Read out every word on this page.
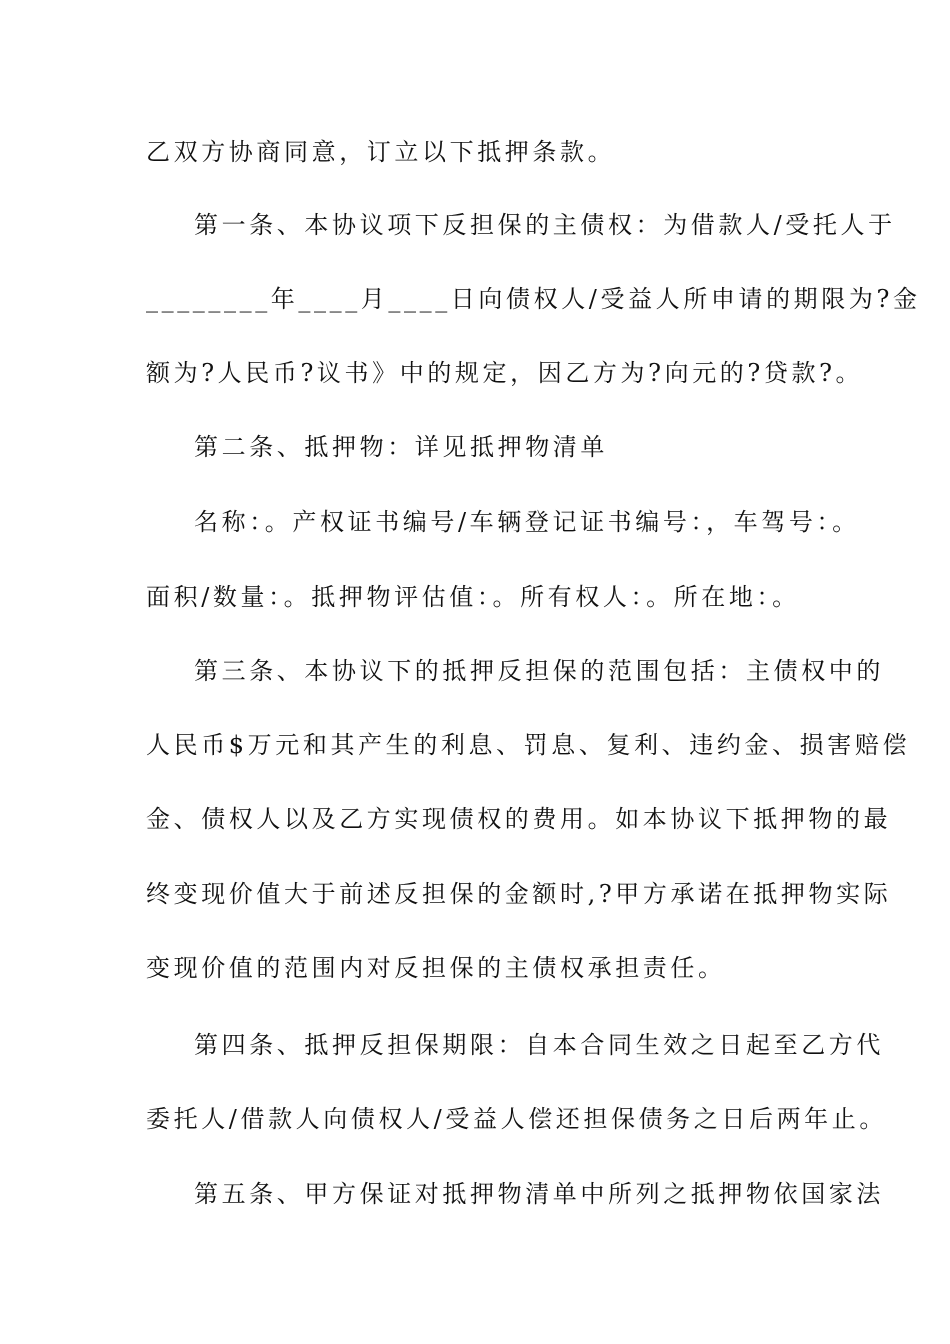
乙双方协商同意，订立以下抵押条款。
第一条、本协议项下反担保的主债权：为借款人/受托人于
________年____月____日向债权人/受益人所申请的期限为?金
额为?人民币?议书》中的规定，因乙方为?向元的?贷款?。
第二条、抵押物：详见抵押物清单
名称：。产权证书编号/车辆登记证书编号：，车驾号：。
面积/数量：。抵押物评估值：。所有权人：。所在地：。
第三条、本协议下的抵押反担保的范围包括：主债权中的
人民币$万元和其产生的利息、罚息、复利、违约金、损害赔偿
金、债权人以及乙方实现债权的费用。如本协议下抵押物的最
终变现价值大于前述反担保的金额时,?甲方承诺在抵押物实际
变现价值的范围内对反担保的主债权承担责任。
第四条、抵押反担保期限：自本合同生效之日起至乙方代
委托人/借款人向债权人/受益人偿还担保债务之日后两年止。
第五条、甲方保证对抵押物清单中所列之抵押物依国家法
